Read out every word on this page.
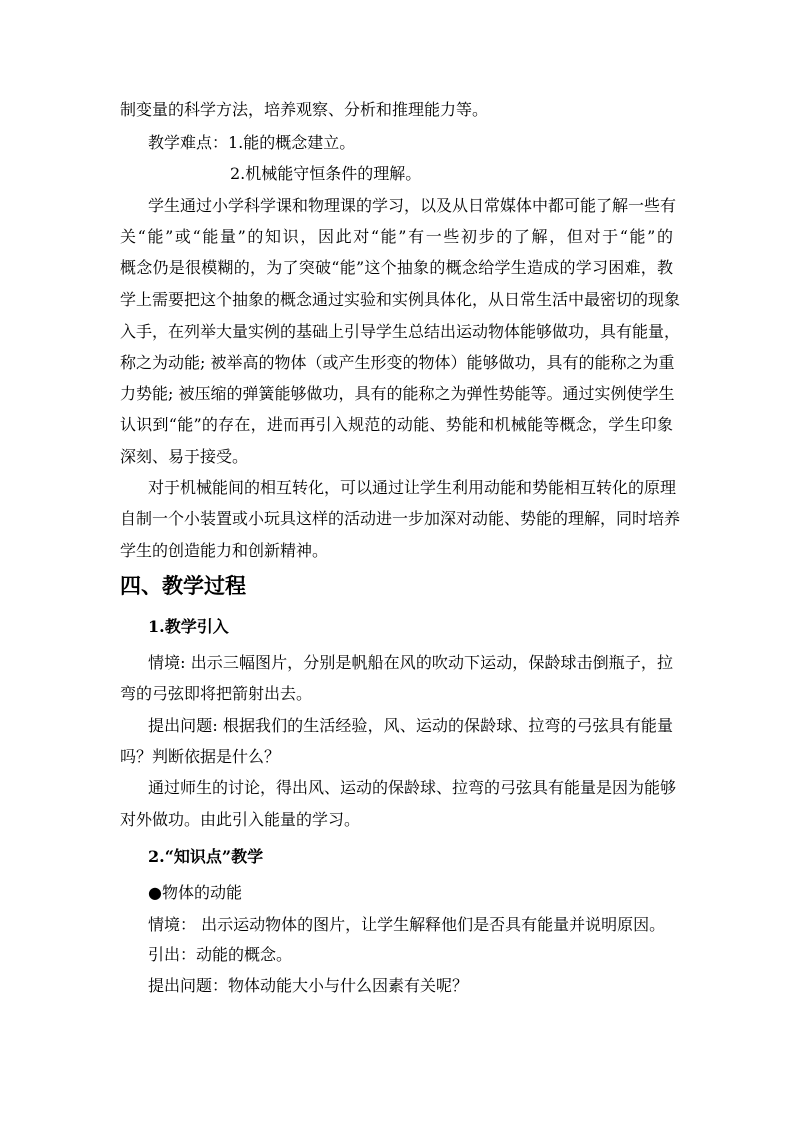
制变量的科学方法，培养观察、分析和推理能力等。
教学难点：1.能的概念建立。
2.机械能守恒条件的理解。
学生通过小学科学课和物理课的学习，以及从日常媒体中都可能了解一些有
关“能”或“能量”的知识，因此对“能”有一些初步的了解，但对于“能”的
概念仍是很模糊的，为了突破“能”这个抽象的概念给学生造成的学习困难，教
学上需要把这个抽象的概念通过实验和实例具体化，从日常生活中最密切的现象
入手，在列举大量实例的基础上引导学生总结出运动物体能够做功，具有能量，
称之为动能; 被举高的物体（或产生形变的物体）能够做功，具有的能称之为重
力势能; 被压缩的弹簧能够做功，具有的能称之为弹性势能等。通过实例使学生
认识到“能”的存在，进而再引入规范的动能、势能和机械能等概念，学生印象
深刻、易于接受。
对于机械能间的相互转化，可以通过让学生利用动能和势能相互转化的原理
自制一个小装置或小玩具这样的活动进一步加深对动能、势能的理解，同时培养
学生的创造能力和创新精神。
四、教学过程
1.教学引入
情境: 出示三幅图片，分别是帆船在风的吹动下运动，保龄球击倒瓶子，拉
弯的弓弦即将把箭射出去。
提出问题: 根据我们的生活经验，风、运动的保龄球、拉弯的弓弦具有能量
吗？判断依据是什么？
通过师生的讨论，得出风、运动的保龄球、拉弯的弓弦具有能量是因为能够
对外做功。由此引入能量的学习。
2.“知识点”教学
●物体的动能
情境： 出示运动物体的图片，让学生解释他们是否具有能量并说明原因。
引出：动能的概念。
提出问题：物体动能大小与什么因素有关呢？
